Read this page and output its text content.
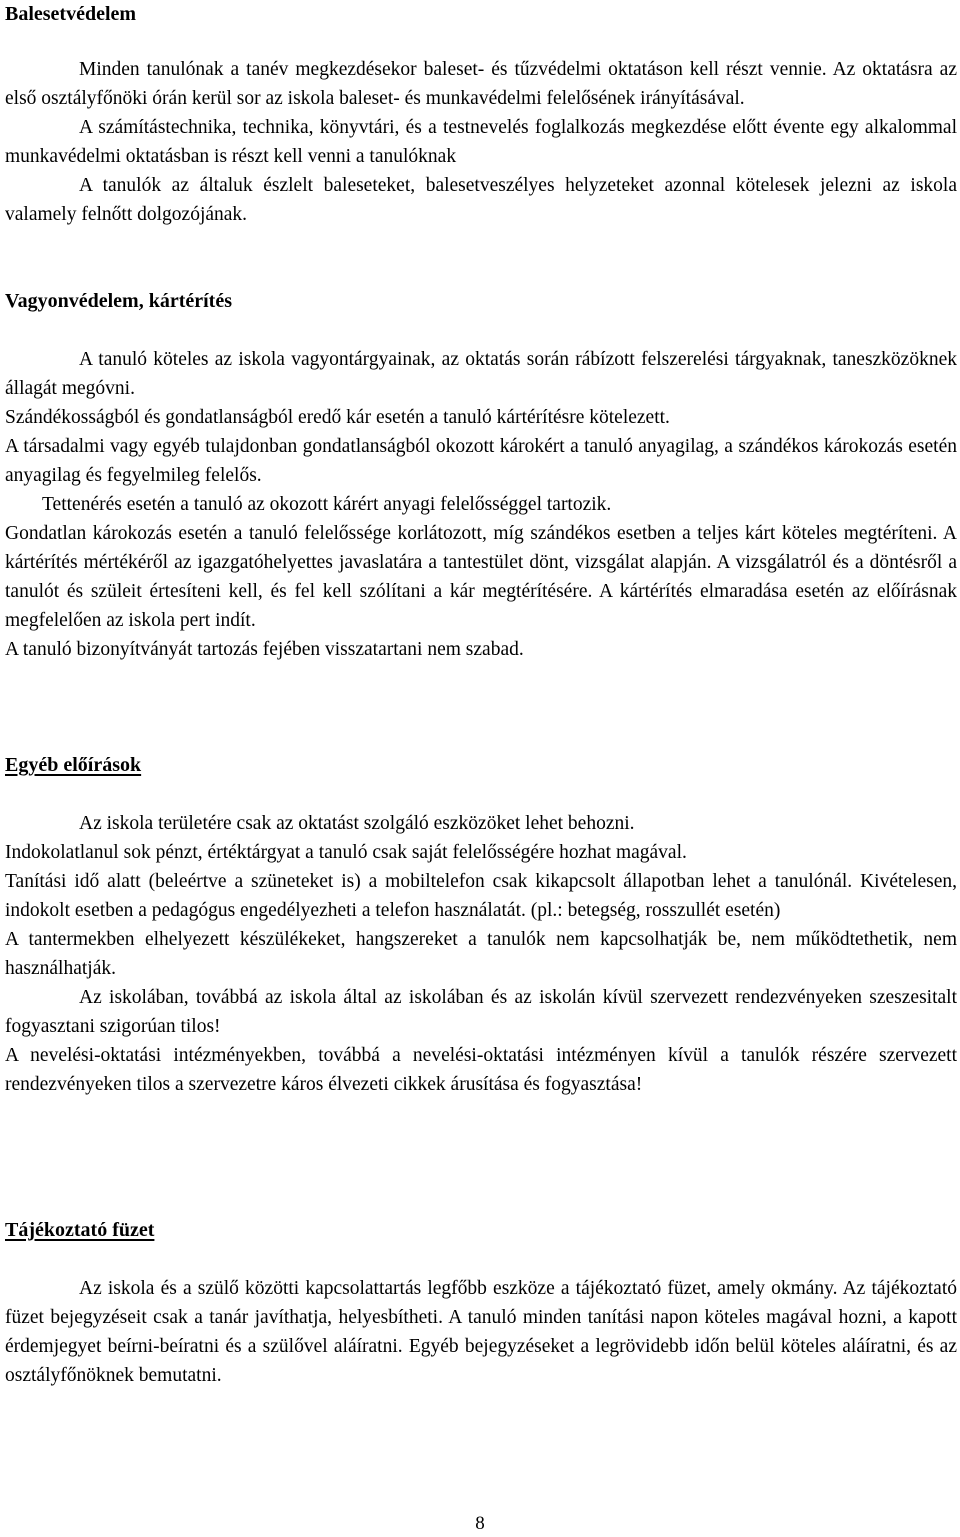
Balesetvédelem

Minden tanulónak a tanév megkezdésekor baleset- és tűzvédelmi oktatáson kell részt vennie. Az oktatásra az első osztályfőnöki órán kerül sor az iskola baleset- és munkavédelmi felelősének irányításával.

A számítástechnika, technika, könyvtári, és a testnevelés foglalkozás megkezdése előtt évente egy alkalommal munkavédelmi oktatásban is részt kell venni a tanulóknak

A tanulók az általuk észlelt baleseteket, balesetveszélyes helyzeteket azonnal kötelesek jelezni az iskola valamely felnőtt dolgozójának.

Vagyonvédelem, kártérítés

A tanuló köteles az iskola vagyontárgyainak, az oktatás során rábízott felszerelési tárgyaknak, taneszközöknek állagát megóvni.

Szándékosságból és gondatlanságból eredő kár esetén a tanuló kártérítésre kötelezett.

A társadalmi vagy egyéb tulajdonban gondatlanságból okozott károkért a tanuló anyagilag, a szándékos károkozás esetén anyagilag és fegyelmileg felelős.

Tettenérés esetén a tanuló az okozott kárért anyagi felelősséggel tartozik.

Gondatlan károkozás esetén a tanuló felelőssége korlátozott, míg szándékos esetben a teljes kárt köteles megtéríteni. A kártérítés mértékéről az igazgatóhelyettes javaslatára a tantestület dönt, vizsgálat alapján. A vizsgálatról és a döntésről a tanulót és szüleit értesíteni kell, és fel kell szólítani a kár megtérítésére. A kártérítés elmaradása esetén az előírásnak megfelelően az iskola pert indít.

A tanuló bizonyítványát tartozás fejében visszatartani nem szabad.

Egyéb előírások

Az iskola területére csak az oktatást szolgáló eszközöket lehet behozni.

Indokolatlanul sok pénzt, értéktárgyat a tanuló csak saját felelősségére hozhat magával.

Tanítási idő alatt (beleértve a szüneteket is) a mobiltelefon csak kikapcsolt állapotban lehet a tanulónál. Kivételesen, indokolt esetben a pedagógus engedélyezheti a telefon használatát. (pl.: betegség, rosszullét esetén)

A tantermekben elhelyezett készülékeket, hangszereket a tanulók nem kapcsolhatják be, nem működtethetik, nem használhatják.

Az iskolában, továbbá az iskola által az iskolában és az iskolán kívül szervezett rendezvényeken szeszesitalt fogyasztani szigorúan tilos!

A nevelési-oktatási intézményekben, továbbá a nevelési-oktatási intézményen kívül a tanulók részére szervezett rendezvényeken tilos a szervezetre káros élvezeti cikkek árusítása és fogyasztása!

Tájékoztató füzet

Az iskola és a szülő közötti kapcsolattartás legfőbb eszköze a tájékoztató füzet, amely okmány. Az tájékoztató füzet bejegyzéseit csak a tanár javíthatja, helyesbítheti. A tanuló minden tanítási napon köteles magával hozni, a kapott érdemjegyet beírni-beíratni és a szülővel aláíratni. Egyéb bejegyzéseket a legrövidebb időn belül köteles aláíratni, és az osztályfőnöknek bemutatni.

8
